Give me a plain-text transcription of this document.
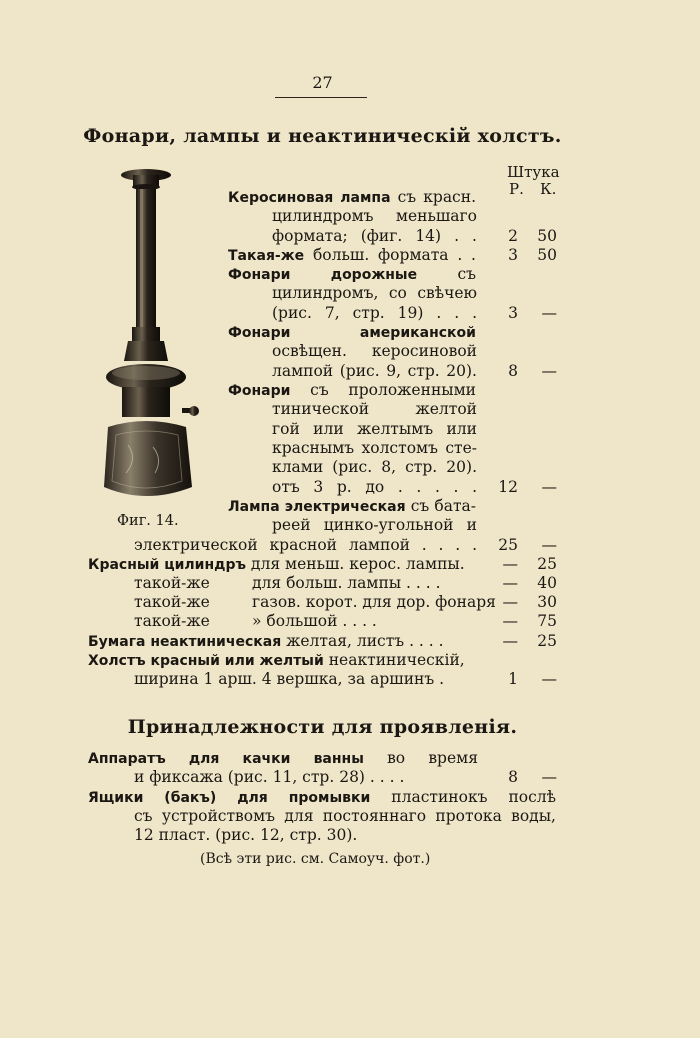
27
Фонари, лампы и неактиническій холстъ.
Штука
Р. К.
Фиг. 14.
Керосиновая лампа съ красн.
цилиндромъ меньшаго
формата; (фиг. 14) . .	2	50
Такая-же больш. формата . .	3	50
Фонари дорожные	съ
цилиндромъ, со свѣчею
(рис. 7, стр. 19) . . .	3	—
Фонари американской
освѣщен. керосиновой
лампой (рис. 9, стр. 20).	8	—
Фонари съ проложенными
тинической желтой
гой или желтымъ или
краснымъ холстомъ сте-
клами (рис. 8, стр. 20).
отъ 3 р. до . . . . .	12	—
Лампа электрическая съ бата-
реей цинко-угольной и
электрической красной лампой . . . .	25	—
Красный цилиндръ для меньш. керос. лампы.	—	25
такой-же	для больш. лампы . . . .	—	40
такой-же	газов. корот. для дор. фонаря —	30
такой-же	» большой . . . .	—	75
Бумага неактиническая желтая, листъ . . . .	—	25
Холстъ красный или желтый неактиническій,
ширина 1 арш. 4 вершка, за аршинъ .	1	—
Принадлежности для проявленія.
Аппаратъ для качки ванны во время
и фиксажа (рис. 11, стр. 28) . . . .	8	—
Ящики (бакъ) для промывки пластинокъ послѣ
съ устройствомъ для постояннаго протока воды,
12 пласт. (рис. 12, стр. 30).
(Всѣ эти рис. см. Самоуч. фот.)
